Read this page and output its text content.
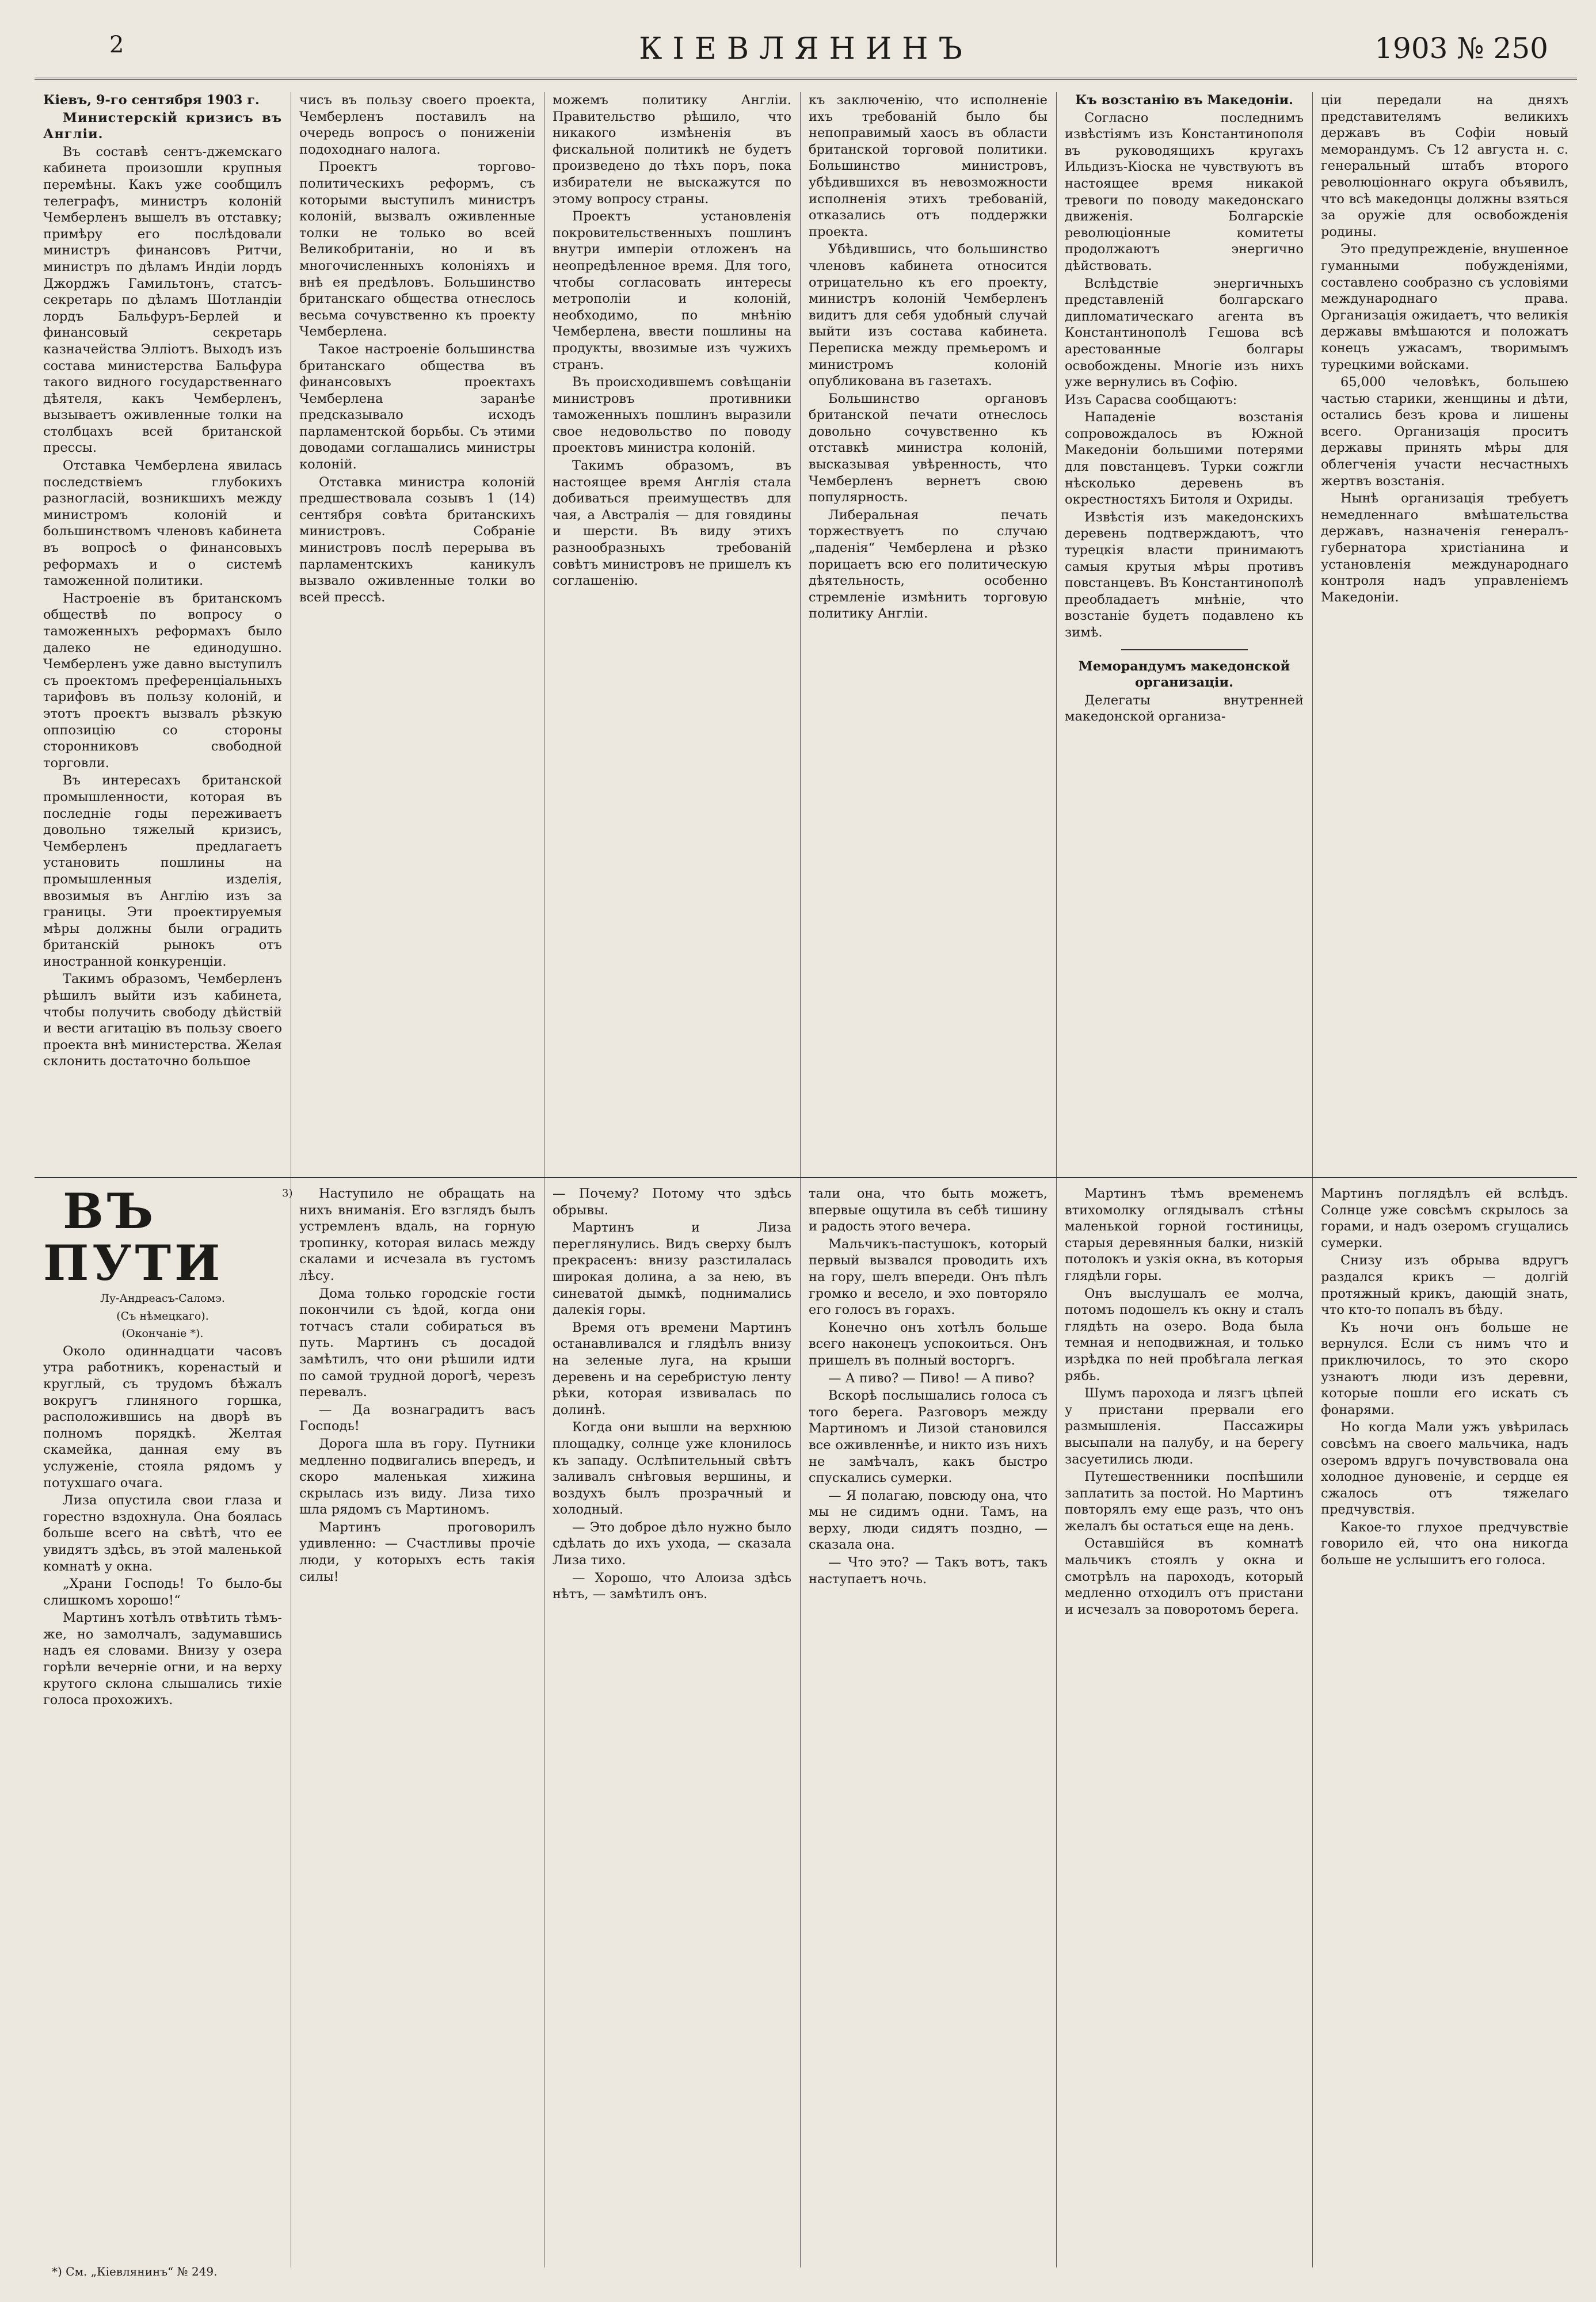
2	КІЕВЛЯНИНЪ	1903 № 250

Кіевъ, 9-го сентября 1903 г.

Министерскій кризисъ въ Англіи.

Въ составѣ сентъ-джемскаго кабинета произошли крупныя перемѣны. Какъ уже сообщилъ телеграфъ, министръ колоній Чемберленъ вышелъ въ отставку; примѣру его послѣдовали министръ финансовъ Ритчи, министръ по дѣламъ Индіи лордъ Джорджъ Гамильтонъ, статсъ-секретарь по дѣламъ Шотландіи лордъ Бальфуръ-Берлей и финансовый секретарь казначейства Эллiотъ. Выходъ изъ состава министерства Бальфура такого видного государственнаго дѣятеля, какъ Чемберленъ, вызываетъ оживленные толки на столбцахъ всей британской прессы.

Отставка Чемберлена явилась последствіемъ глубокихъ разногласій, возникшихъ между министромъ колоній и большинствомъ членовъ кабинета въ вопросѣ о финансовыхъ реформахъ и о системѣ таможенной политики.

Настроеніе въ британскомъ обществѣ по вопросу о таможенныхъ реформахъ было далеко не единодушно. Чемберленъ уже давно выступилъ съ проектомъ преференціальныхъ тарифовъ въ пользу колоній, и этотъ проектъ вызвалъ рѣзкую оппозицію со стороны сторонниковъ свободной торговли.

Въ интересахъ британской промышленности, которая въ последніе годы переживаетъ довольно тяжелый кризисъ, Чемберленъ предлагаетъ установить пошлины на промышленныя изделія, ввозимыя въ Англію изъ за границы. Эти проектируемыя мѣры должны были оградить британскій рынокъ отъ иностранной конкуренціи.

Такимъ образомъ, Чемберленъ рѣшилъ выйти изъ кабинета, чтобы получить свободу дѣйствій и вести агитацію въ пользу своего проекта внѣ министерства. Желая склонить достаточно большое

чисъ въ пользу своего проекта, Чемберленъ поставилъ на очередь вопросъ о пониженіи подоходнаго налога.

Проектъ торгово-политическихъ реформъ, съ которыми выступилъ министръ колоній, вызвалъ оживленные толки не только во всей Великобританіи, но и въ многочисленныхъ колоніяхъ и внѣ ея предѣловъ. Большинство британскаго общества отнеслось весьма сочувственно къ проекту Чемберлена.

Такое настроеніе большинства британскаго общества въ финансовыхъ проектахъ Чемберлена заранѣе предсказывало исходъ парламентской борьбы. Съ этими доводами соглашались министры колоній.

Отставка министра колоній предшествовала созывъ 1 (14) сентября совѣта британскихъ министровъ. Собраніе министровъ послѣ перерыва въ парламентскихъ каникулъ вызвало оживленные толки во всей прессѣ.

можемъ политику Англіи. Правительство рѣшило, что никакого измѣненія въ фискальной политикѣ не будетъ произведено до тѣхъ поръ, пока избиратели не выскажутся по этому вопросу страны.

Проектъ установленія покровительственныхъ пошлинъ внутри имперіи отложенъ на неопредѣленное время. Для того, чтобы согласовать интересы метрополіи и колоній, необходимо, по мнѣнію Чемберлена, ввести пошлины на продукты, ввозимые изъ чужихъ странъ.

Въ происходившемъ совѣщаніи министровъ противники таможенныхъ пошлинъ выразили свое недовольство по поводу проектовъ министра колоній.

Такимъ образомъ, въ настоящее время Англія стала добиваться преимуществъ для чая, а Австралія — для говядины и шерсти. Въ виду этихъ разнообразныхъ требованій совѣтъ министровъ не пришелъ къ соглашенію.

къ заключенію, что исполненіе ихъ требованій было бы непоправимый хаосъ въ области британской торговой политики. Большинство министровъ, убѣдившихся въ невозможности исполненія этихъ требованій, отказались отъ поддержки проекта.

Убѣдившись, что большинство членовъ кабинета относится отрицательно къ его проекту, министръ колоній Чемберленъ видитъ для себя удобный случай выйти изъ состава кабинета. Переписка между премьеромъ и министромъ колоній опубликована въ газетахъ.

Большинство органовъ британской печати отнеслось довольно сочувственно къ отставкѣ министра колоній, высказывая увѣренность, что Чемберленъ вернетъ свою популярность.

Либеральная печать торжествуетъ по случаю „паденія“ Чемберлена и рѣзко порицаетъ всю его политическую дѣятельность, особенно стремленіе измѣнить торговую политику Англіи.

Къ возстанію въ Македоніи.

Согласно последнимъ извѣстіямъ изъ Константинополя въ руководящихъ кругахъ Ильдизъ-Кіоска не чувствуютъ въ настоящее время никакой тревоги по поводу македонскаго движенія. Болгарскіе революціонные комитеты продолжаютъ энергично дѣйствовать.

Вслѣдствіе энергичныхъ представленій болгарскаго дипломатическаго агента въ Константинополѣ Гешова всѣ арестованные болгары освобождены. Многіе изъ нихъ уже вернулись въ Софію.

Изъ Сарасва сообщаютъ:

Нападеніе возстанія сопровождалось въ Южной Македоніи большими потерями для повстанцевъ. Турки сожгли нѣсколько деревень въ окрестностяхъ Битоля и Охриды.

Извѣстія изъ македонскихъ деревень подтверждаютъ, что турецкія власти принимаютъ самыя крутыя мѣры противъ повстанцевъ. Въ Константинополѣ преобладаетъ мнѣніе, что возстаніе будетъ подавлено къ зимѣ.

Меморандумъ македонской организаціи.

Делегаты внутренней македонской организа-

ціи передали на дняхъ представителямъ великихъ державъ въ Софіи новый меморандумъ. Съ 12 августа н. с. генеральный штабъ второго революціоннаго округа объявилъ, что всѣ македонцы должны взяться за оружіе для освобожденія родины.

Это предупрежденіе, внушенное гуманными побужденіями, составлено сообразно съ условіями международнаго права. Организація ожидаетъ, что великія державы вмѣшаются и положатъ конецъ ужасамъ, творимымъ турецкими войсками.

65,000 человѣкъ, большею частью старики, женщины и дѣти, остались безъ крова и лишены всего. Организація проситъ державы принять мѣры для облегченія участи несчастныхъ жертвъ возстанія.

Нынѣ организація требуетъ немедленнаго вмѣшательства державъ, назначенія генералъ-губернатора христіанина и установленія международнаго контроля надъ управленіемъ Македоніи.

3)

ВЪ ПУТИ

Лу-Андреасъ-Саломэ.

(Съ нѣмецкаго).

(Окончаніе *).

Около одиннадцати часовъ утра работникъ, коренастый и круглый, съ трудомъ бѣжалъ вокругъ глиняного горшка, расположившись на дворѣ въ полномъ порядкѣ. Желтая скамейка, данная ему въ услуженіе, стояла рядомъ у потухшаго очага.

Лиза опустила свои глаза и горестно вздохнула. Она боялась больше всего на свѣтѣ, что ее увидятъ здѣсь, въ этой маленькой комнатѣ у окна.

„Храни Господь! То было-бы слишкомъ хорошо!“

Мартинъ хотѣлъ отвѣтить тѣмъ-же, но замолчалъ, задумавшись надъ ея словами. Внизу у озера горѣли вечерніе огни, и на верху крутого склона слышались тихіе голоса прохожихъ.

Наступило не обращать на нихъ вниманія. Его взглядъ былъ устремленъ вдаль, на горную тропинку, которая вилась между скалами и исчезала въ густомъ лѣсу.

Дома только городскіе гости покончили съ ѣдой, когда они тотчасъ стали собираться въ путь. Мартинъ съ досадой замѣтилъ, что они рѣшили идти по самой трудной дорогѣ, черезъ перевалъ.

— Да вознаградитъ васъ Господь!

Дорога шла въ гору. Путники медленно подвигались впередъ, и скоро маленькая хижина скрылась изъ виду. Лиза тихо шла рядомъ съ Мартиномъ.

Мартинъ проговорилъ удивленно: — Счастливы прочіе люди, у которыхъ есть такія силы!

— Почему? Потому что здѣсь обрывы.

Мартинъ и Лиза переглянулись. Видъ сверху былъ прекрасенъ: внизу разстилалась широкая долина, а за нею, въ синеватой дымкѣ, поднимались далекія горы.

Время отъ времени Мартинъ останавливался и глядѣлъ внизу на зеленые луга, на крыши деревень и на серебристую ленту рѣки, которая извивалась по долинѣ.

Когда они вышли на верхнюю площадку, солнце уже клонилось къ западу. Ослѣпительный свѣтъ заливалъ снѣговыя вершины, и воздухъ былъ прозрачный и холодный.

— Это доброе дѣло нужно было сдѣлать до ихъ ухода, — сказала Лиза тихо.

— Хорошо, что Алоиза здѣсь нѣтъ, — замѣтилъ онъ.

тали она, что быть можетъ, впервые ощутила въ себѣ тишину и радость этого вечера.

Мальчикъ-пастушокъ, который первый вызвался проводить ихъ на гору, шелъ впереди. Онъ пѣлъ громко и весело, и эхо повторяло его голосъ въ горахъ.

Конечно онъ хотѣлъ больше всего наконецъ успокоиться. Онъ пришелъ въ полный восторгъ.

— А пиво? — Пиво! — А пиво?

Вскорѣ послышались голоса съ того берега. Разговоръ между Мартиномъ и Лизой становился все оживленнѣе, и никто изъ нихъ не замѣчалъ, какъ быстро спускались сумерки.

— Я полагаю, повсюду она, что мы не сидимъ одни. Тамъ, на верху, люди сидятъ поздно, — сказала она.

— Что это? — Такъ вотъ, такъ наступаетъ ночь.

Мартинъ тѣмъ временемъ втихомолку оглядывалъ стѣны маленькой горной гостиницы, старыя деревянныя балки, низкій потолокъ и узкія окна, въ которыя глядѣли горы.

Онъ выслушалъ ее молча, потомъ подошелъ къ окну и сталъ глядѣть на озеро. Вода была темная и неподвижная, и только изрѣдка по ней пробѣгала легкая рябь.

Шумъ парохода и лязгъ цѣпей у пристани прервали его размышленія. Пассажиры высыпали на палубу, и на берегу засуетились люди.

Путешественники поспѣшили заплатить за постой. Но Мартинъ повторялъ ему еще разъ, что онъ желалъ бы остаться еще на день.

Оставшійся въ комнатѣ мальчикъ стоялъ у окна и смотрѣлъ на пароходъ, который медленно отходилъ отъ пристани и исчезалъ за поворотомъ берега.

Мартинъ поглядѣлъ ей вслѣдъ. Солнце уже совсѣмъ скрылось за горами, и надъ озеромъ сгущались сумерки.

Снизу изъ обрыва вдругъ раздался крикъ — долгій протяжный крикъ, дающій знать, что кто-то попалъ въ бѣду.

Къ ночи онъ больше не вернулся. Если съ нимъ что и приключилось, то это скоро узнаютъ люди изъ деревни, которые пошли его искать съ фонарями.

Но когда Мали ужъ увѣрилась совсѣмъ на своего мальчика, надъ озеромъ вдругъ почувствовала она холодное дуновеніе, и сердце ея сжалось отъ тяжелаго предчувствія.

Какое-то глухое предчувствіе говорило ей, что она никогда больше не услышитъ его голоса.

*) См. „Кіевлянинъ“ № 249.
